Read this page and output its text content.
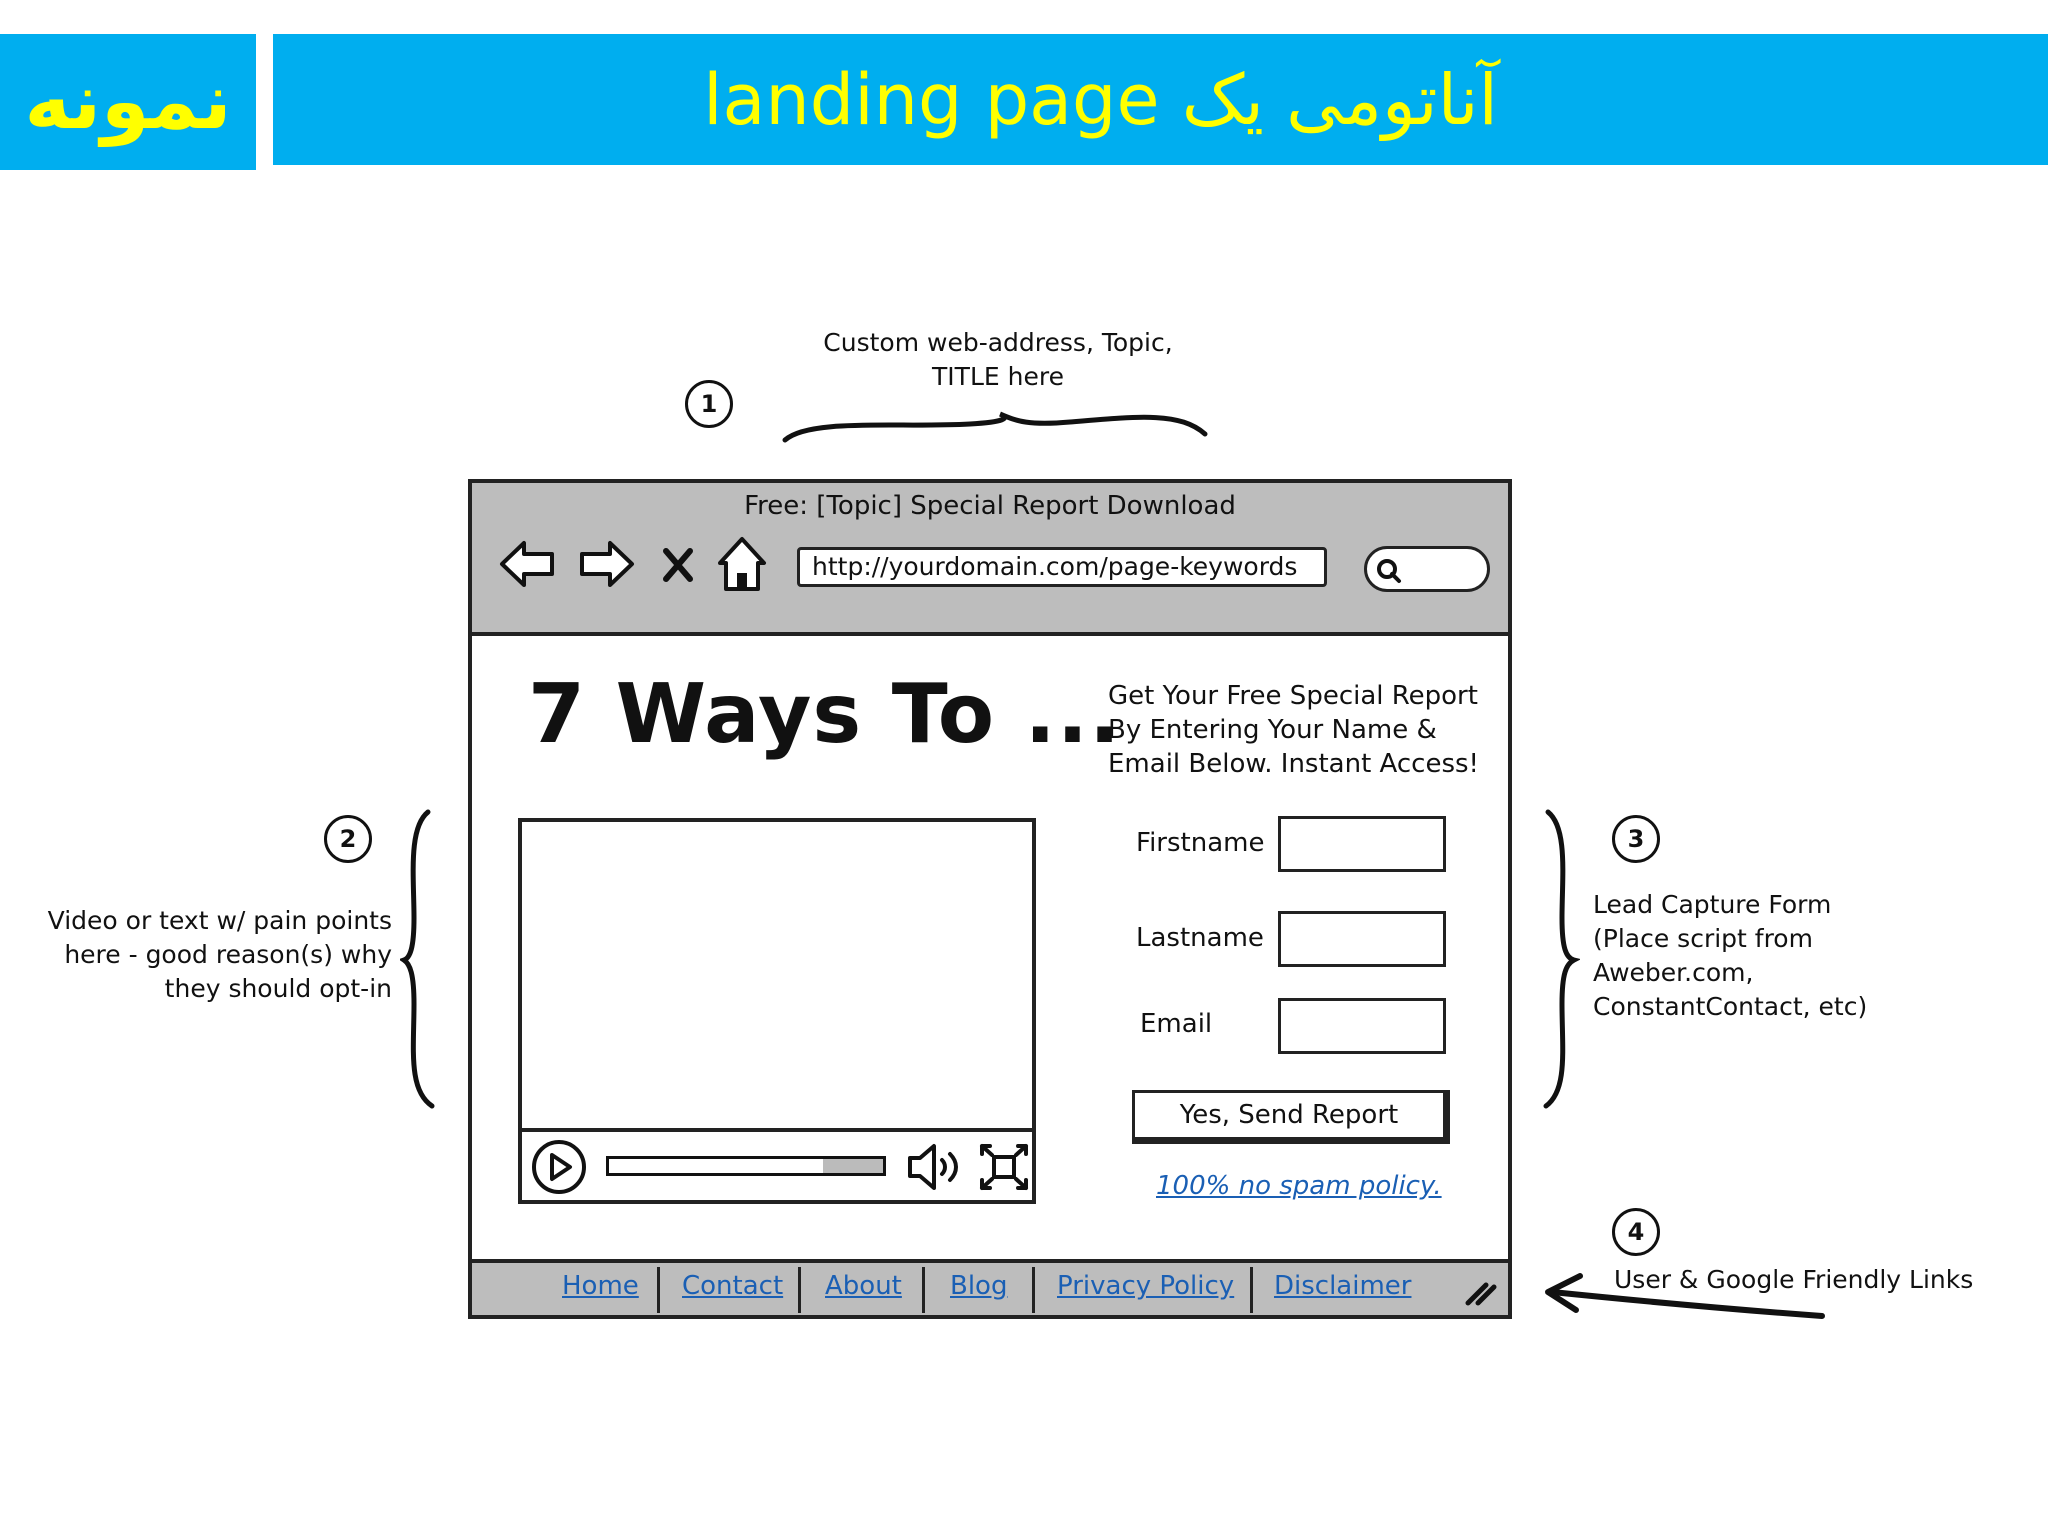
نمونه	آناتومی یک landing page
Custom web-address, Topic,
TITLE here
1
2
Video or text w/ pain points
here - good reason(s) why
they should opt-in
3
Lead Capture Form
(Place script from
Aweber.com,
ConstantContact, etc)
4
User & Google Friendly Links
Free: [Topic] Special Report Download
http://yourdomain.com/page-keywords
7 Ways To ...
Get Your Free Special Report
By Entering Your Name &
Email Below. Instant Access!
Firstname
Lastname
Email
Yes, Send Report
100% no spam policy.
Home Contact About Blog Privacy Policy Disclaimer
